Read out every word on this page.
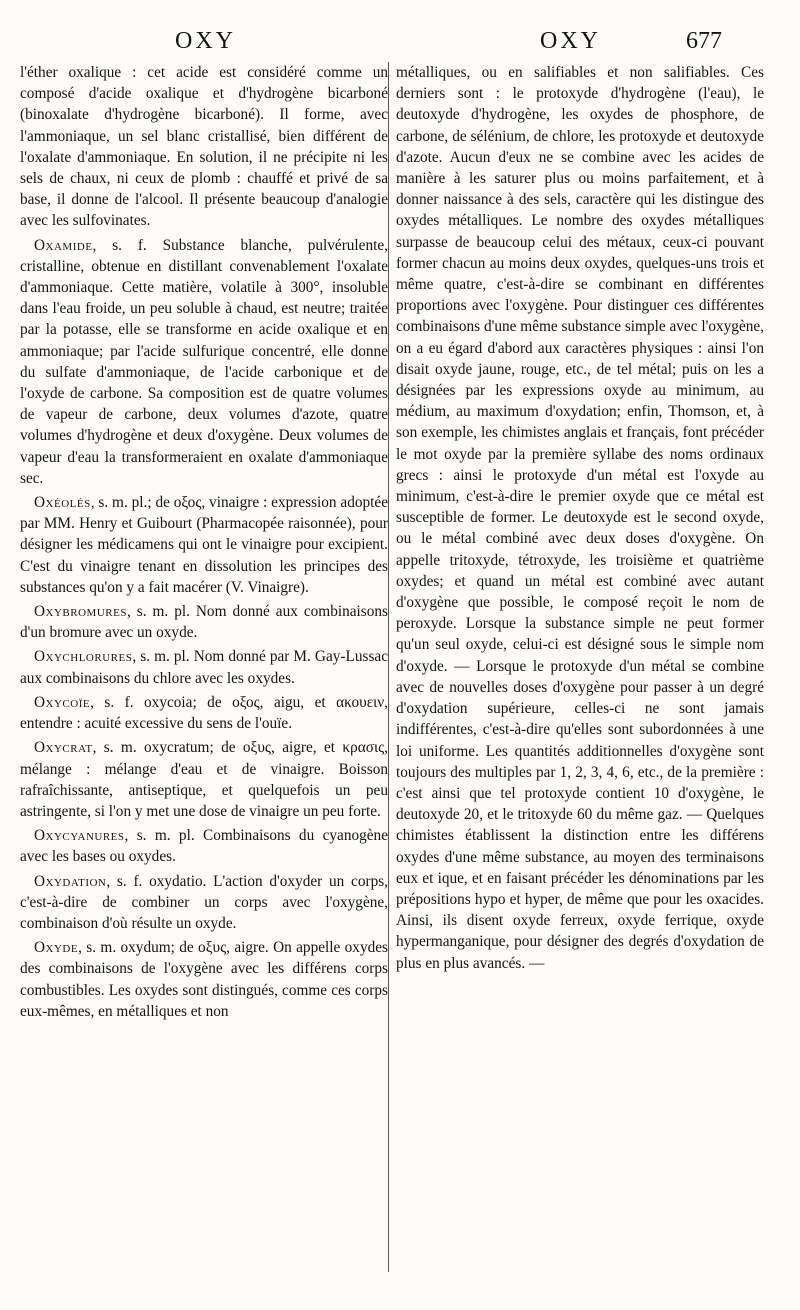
OXY	OXY	677

l'éther oxalique : cet acide est considéré comme un composé d'acide oxalique et d'hydrogène bicarboné (binoxalate d'hydrogène bicarboné). Il forme, avec l'ammoniaque, un sel blanc cristallisé, bien différent de l'oxalate d'ammoniaque. En solution, il ne précipite ni les sels de chaux, ni ceux de plomb : chauffé et privé de sa base, il donne de l'alcool. Il présente beaucoup d'analogie avec les sulfovinates.

Oxamide, s. f. Substance blanche, pulvérulente, cristalline, obtenue en distillant convenablement l'oxalate d'ammoniaque. Cette matière, volatile à 300°, insoluble dans l'eau froide, un peu soluble à chaud, est neutre; traitée par la potasse, elle se transforme en acide oxalique et en ammoniaque; par l'acide sulfurique concentré, elle donne du sulfate d'ammoniaque, de l'acide carbonique et de l'oxyde de carbone. Sa composition est de quatre volumes de vapeur de carbone, deux volumes d'azote, quatre volumes d'hydrogène et deux d'oxygène. Deux volumes de vapeur d'eau la transformeraient en oxalate d'ammoniaque sec.

Oxéolés, s. m. pl.; de οξος, vinaigre : expression adoptée par MM. Henry et Guibourt (Pharmacopée raisonnée), pour désigner les médicamens qui ont le vinaigre pour excipient. C'est du vinaigre tenant en dissolution les principes des substances qu'on y a fait macérer (V. Vinaigre).

Oxybromures, s. m. pl. Nom donné aux combinaisons d'un bromure avec un oxyde.

Oxychlorures, s. m. pl. Nom donné par M. Gay-Lussac aux combinaisons du chlore avec les oxydes.

Oxycoïe, s. f. oxycoia; de οξος, aigu, et ακουειν, entendre : acuité excessive du sens de l'ouïe.

Oxycrat, s. m. oxycratum; de οξυς, aigre, et κρασις, mélange : mélange d'eau et de vinaigre. Boisson rafraîchissante, antiseptique, et quelquefois un peu astringente, si l'on y met une dose de vinaigre un peu forte.

Oxycyanures, s. m. pl. Combinaisons du cyanogène avec les bases ou oxydes.

Oxydation, s. f. oxydatio. L'action d'oxyder un corps, c'est-à-dire de combiner un corps avec l'oxygène, combinaison d'où résulte un oxyde.

Oxyde, s. m. oxydum; de οξυς, aigre. On appelle oxydes des combinaisons de l'oxygène avec les différens corps combustibles. Les oxydes sont distingués, comme ces corps eux-mêmes, en métalliques et non

métalliques, ou en salifiables et non salifiables. Ces derniers sont : le protoxyde d'hydrogène (l'eau), le deutoxyde d'hydrogène, les oxydes de phosphore, de carbone, de sélénium, de chlore, les protoxyde et deutoxyde d'azote. Aucun d'eux ne se combine avec les acides de manière à les saturer plus ou moins parfaitement, et à donner naissance à des sels, caractère qui les distingue des oxydes métalliques. Le nombre des oxydes métalliques surpasse de beaucoup celui des métaux, ceux-ci pouvant former chacun au moins deux oxydes, quelques-uns trois et même quatre, c'est-à-dire se combinant en différentes proportions avec l'oxygène. Pour distinguer ces différentes combinaisons d'une même substance simple avec l'oxygène, on a eu égard d'abord aux caractères physiques : ainsi l'on disait oxyde jaune, rouge, etc., de tel métal; puis on les a désignées par les expressions oxyde au minimum, au médium, au maximum d'oxydation; enfin, Thomson, et, à son exemple, les chimistes anglais et français, font précéder le mot oxyde par la première syllabe des noms ordinaux grecs : ainsi le protoxyde d'un métal est l'oxyde au minimum, c'est-à-dire le premier oxyde que ce métal est susceptible de former. Le deutoxyde est le second oxyde, ou le métal combiné avec deux doses d'oxygène. On appelle tritoxyde, tétroxyde, les troisième et quatrième oxydes; et quand un métal est combiné avec autant d'oxygène que possible, le composé reçoit le nom de peroxyde. Lorsque la substance simple ne peut former qu'un seul oxyde, celui-ci est désigné sous le simple nom d'oxyde. — Lorsque le protoxyde d'un métal se combine avec de nouvelles doses d'oxygène pour passer à un degré d'oxydation supérieure, celles-ci ne sont jamais indifférentes, c'est-à-dire qu'elles sont subordonnées à une loi uniforme. Les quantités additionnelles d'oxygène sont toujours des multiples par 1, 2, 3, 4, 6, etc., de la première : c'est ainsi que tel protoxyde contient 10 d'oxygène, le deutoxyde 20, et le tritoxyde 60 du même gaz. — Quelques chimistes établissent la distinction entre les différens oxydes d'une même substance, au moyen des terminaisons eux et ique, et en faisant précéder les dénominations par les prépositions hypo et hyper, de même que pour les oxacides. Ainsi, ils disent oxyde ferreux, oxyde ferrique, oxyde hypermanganique, pour désigner des degrés d'oxydation de plus en plus avancés. —
